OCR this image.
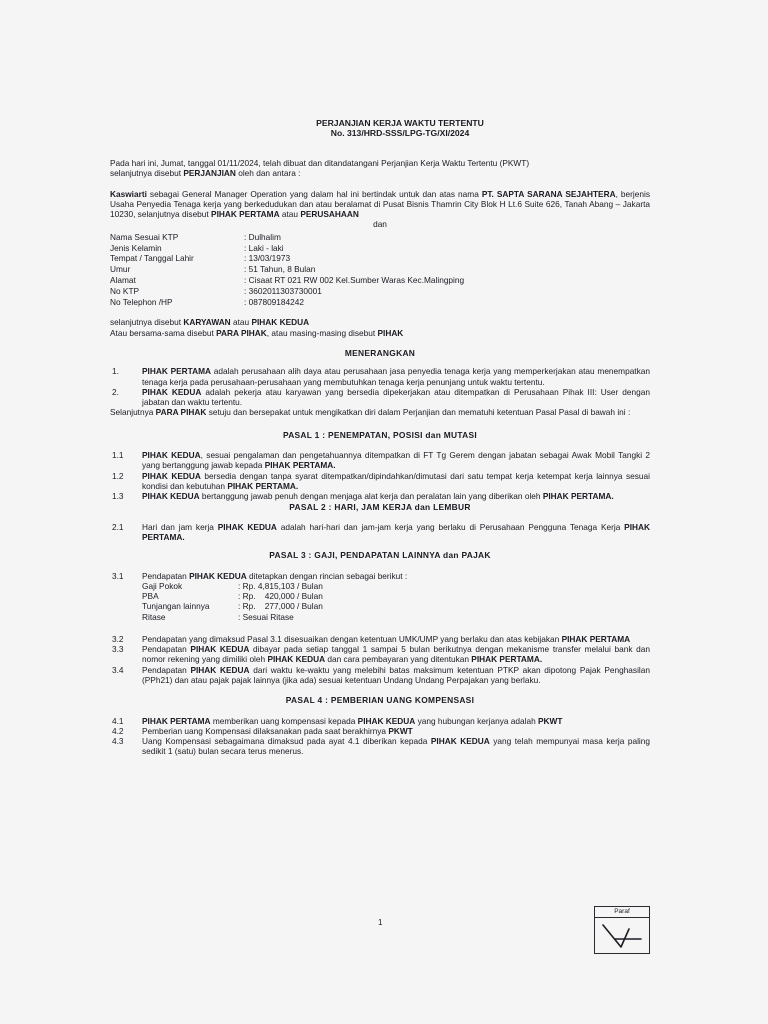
PERJANJIAN KERJA WAKTU TERTENTU
No. 313/HRD-SSS/LPG-TG/XI/2024

Pada hari ini, Jumat, tanggal 01/11/2024, telah dibuat dan ditandatangani Perjanjian Kerja Waktu Tertentu (PKWT)
selanjutnya disebut PERJANJIAN oleh dan antara :

Kaswiarti sebagai General Manager Operation yang dalam hal ini bertindak untuk dan atas nama PT. SAPTA SARANA SEJAHTERA, berjenis Usaha Penyedia Tenaga kerja yang berkedudukan dan atau beralamat di Pusat Bisnis Thamrin City Blok H Lt.6 Suite 626, Tanah Abang – Jakarta 10230, selanjutnya disebut PIHAK PERTAMA atau PERUSAHAAN

dan
Nama Sesuai KTP	: Dulhalim
Jenis Kelamin	: Laki - laki
Tempat / Tanggal Lahir	: 13/03/1973
Umur	: 51 Tahun, 8 Bulan
Alamat	: Cisaat RT 021 RW 002 Kel.Sumber Waras Kec.Malingping
No KTP	: 3602011303730001
No Telephon /HP	: 087809184242

selanjutnya disebut KARYAWAN atau PIHAK KEDUA
Atau bersama-sama disebut PARA PIHAK, atau masing-masing disebut PIHAK

MENERANGKAN
1.	PIHAK PERTAMA adalah perusahaan alih daya atau perusahaan jasa penyedia tenaga kerja yang memperkerjakan atau menempatkan tenaga kerja pada perusahaan-perusahaan yang membutuhkan tenaga kerja penunjang untuk waktu tertentu.
2.	PIHAK KEDUA adalah pekerja atau karyawan yang bersedia dipekerjakan atau ditempatkan di Perusahaan Pihak III: User dengan jabatan dan waktu tertentu.

Selanjutnya PARA PIHAK setuju dan bersepakat untuk mengikatkan diri dalam Perjanjian dan mematuhi ketentuan Pasal Pasal di bawah ini :

PASAL 1 : PENEMPATAN, POSISI dan MUTASI
1.1 PIHAK KEDUA, sesuai pengalaman dan pengetahuannya ditempatkan di FT Tg Gerem dengan jabatan sebagai Awak Mobil Tangki 2 yang bertanggung jawab kepada PIHAK PERTAMA.
1.2 PIHAK KEDUA bersedia dengan tanpa syarat ditempatkan/dipindahkan/dimutasi dari satu tempat kerja ketempat kerja lainnya sesuai kondisi dan kebutuhan PIHAK PERTAMA.
1.3 PIHAK KEDUA bertanggung jawab penuh dengan menjaga alat kerja dan peralatan lain yang diberikan oleh PIHAK PERTAMA.
PASAL 2 : HARI, JAM KERJA dan LEMBUR
2.1 Hari dan jam kerja PIHAK KEDUA adalah hari-hari dan jam-jam kerja yang berlaku di Perusahaan Pengguna Tenaga Kerja PIHAK PERTAMA.
PASAL 3 : GAJI, PENDAPATAN LAINNYA dan PAJAK
3.1 Pendapatan PIHAK KEDUA ditetapkan dengan rincian sebagai berikut :
Gaji Pokok	: Rp. 4,815,103 / Bulan
PBA	: Rp.    420,000 / Bulan
Tunjangan lainnya	: Rp.    277,000 / Bulan
Ritase	: Sesuai Ritase
3.2 Pendapatan yang dimaksud Pasal 3.1 disesuaikan dengan ketentuan UMK/UMP yang berlaku dan atas kebijakan PIHAK PERTAMA
3.3 Pendapatan PIHAK KEDUA dibayar pada setiap tanggal 1 sampai 5 bulan berikutnya dengan mekanisme transfer melalui bank dan nomor rekening yang dimiliki oleh PIHAK KEDUA dan cara pembayaran yang ditentukan PIHAK PERTAMA.
3.4 Pendapatan PIHAK KEDUA dari waktu ke-waktu yang melebihi batas maksimum ketentuan PTKP akan dipotong Pajak Penghasilan (PPh21) dan atau pajak pajak lainnya (jika ada) sesuai ketentuan Undang Undang Perpajakan yang berlaku.
PASAL 4 : PEMBERIAN UANG KOMPENSASI
4.1 PIHAK PERTAMA memberikan uang kompensasi kepada PIHAK KEDUA yang hubungan kerjanya adalah PKWT
4.2 Pemberian uang Kompensasi dilaksanakan pada saat berakhirnya PKWT
4.3 Uang Kompensasi sebagaimana dimaksud pada ayat 4.1 diberikan kepada PIHAK KEDUA yang telah mempunyai masa kerja paling sedikit 1 (satu) bulan secara terus menerus.
1
Paraf
